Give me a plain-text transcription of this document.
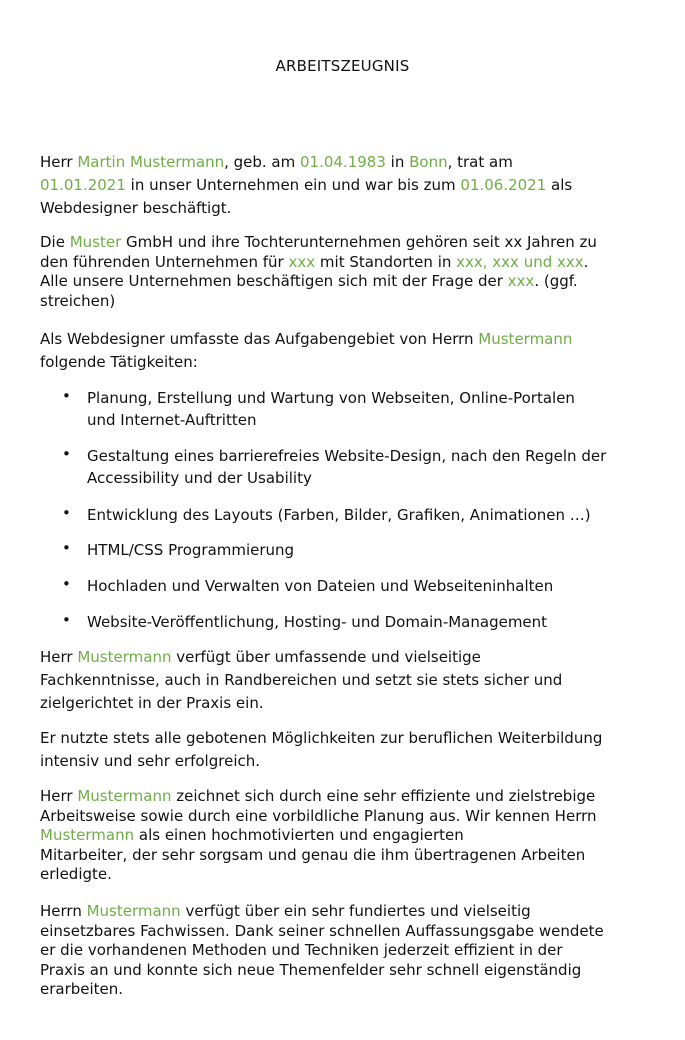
ARBEITSZEUGNIS
Herr Martin Mustermann, geb. am 01.04.1983 in Bonn, trat am
01.01.2021 in unser Unternehmen ein und war bis zum 01.06.2021 als
Webdesigner beschäftigt.
Die Muster GmbH und ihre Tochterunternehmen gehören seit xx Jahren zu
den führenden Unternehmen für xxx mit Standorten in xxx, xxx und xxx.
Alle unsere Unternehmen beschäftigen sich mit der Frage der xxx. (ggf.
streichen)
Als Webdesigner umfasste das Aufgabengebiet von Herrn Mustermann
folgende Tätigkeiten:
•	Planung, Erstellung und Wartung von Webseiten, Online-Portalen
und Internet-Auftritten
•	Gestaltung eines barrierefreies Website-Design, nach den Regeln der
Accessibility und der Usability
•	Entwicklung des Layouts (Farben, Bilder, Grafiken, Animationen …)
•	HTML/CSS Programmierung
•	Hochladen und Verwalten von Dateien und Webseiteninhalten
•	Website-Veröffentlichung, Hosting- und Domain-Management
Herr Mustermann verfügt über umfassende und vielseitige
Fachkenntnisse, auch in Randbereichen und setzt sie stets sicher und
zielgerichtet in der Praxis ein.
Er nutzte stets alle gebotenen Möglichkeiten zur beruflichen Weiterbildung
intensiv und sehr erfolgreich.
Herr Mustermann zeichnet sich durch eine sehr effiziente und zielstrebige
Arbeitsweise sowie durch eine vorbildliche Planung aus. Wir kennen Herrn
Mustermann als einen hochmotivierten und engagierten
Mitarbeiter, der sehr sorgsam und genau die ihm übertragenen Arbeiten
erledigte.
Herrn Mustermann verfügt über ein sehr fundiertes und vielseitig
einsetzbares Fachwissen. Dank seiner schnellen Auffassungsgabe wendete
er die vorhandenen Methoden und Techniken jederzeit effizient in der
Praxis an und konnte sich neue Themenfelder sehr schnell eigenständig
erarbeiten.
